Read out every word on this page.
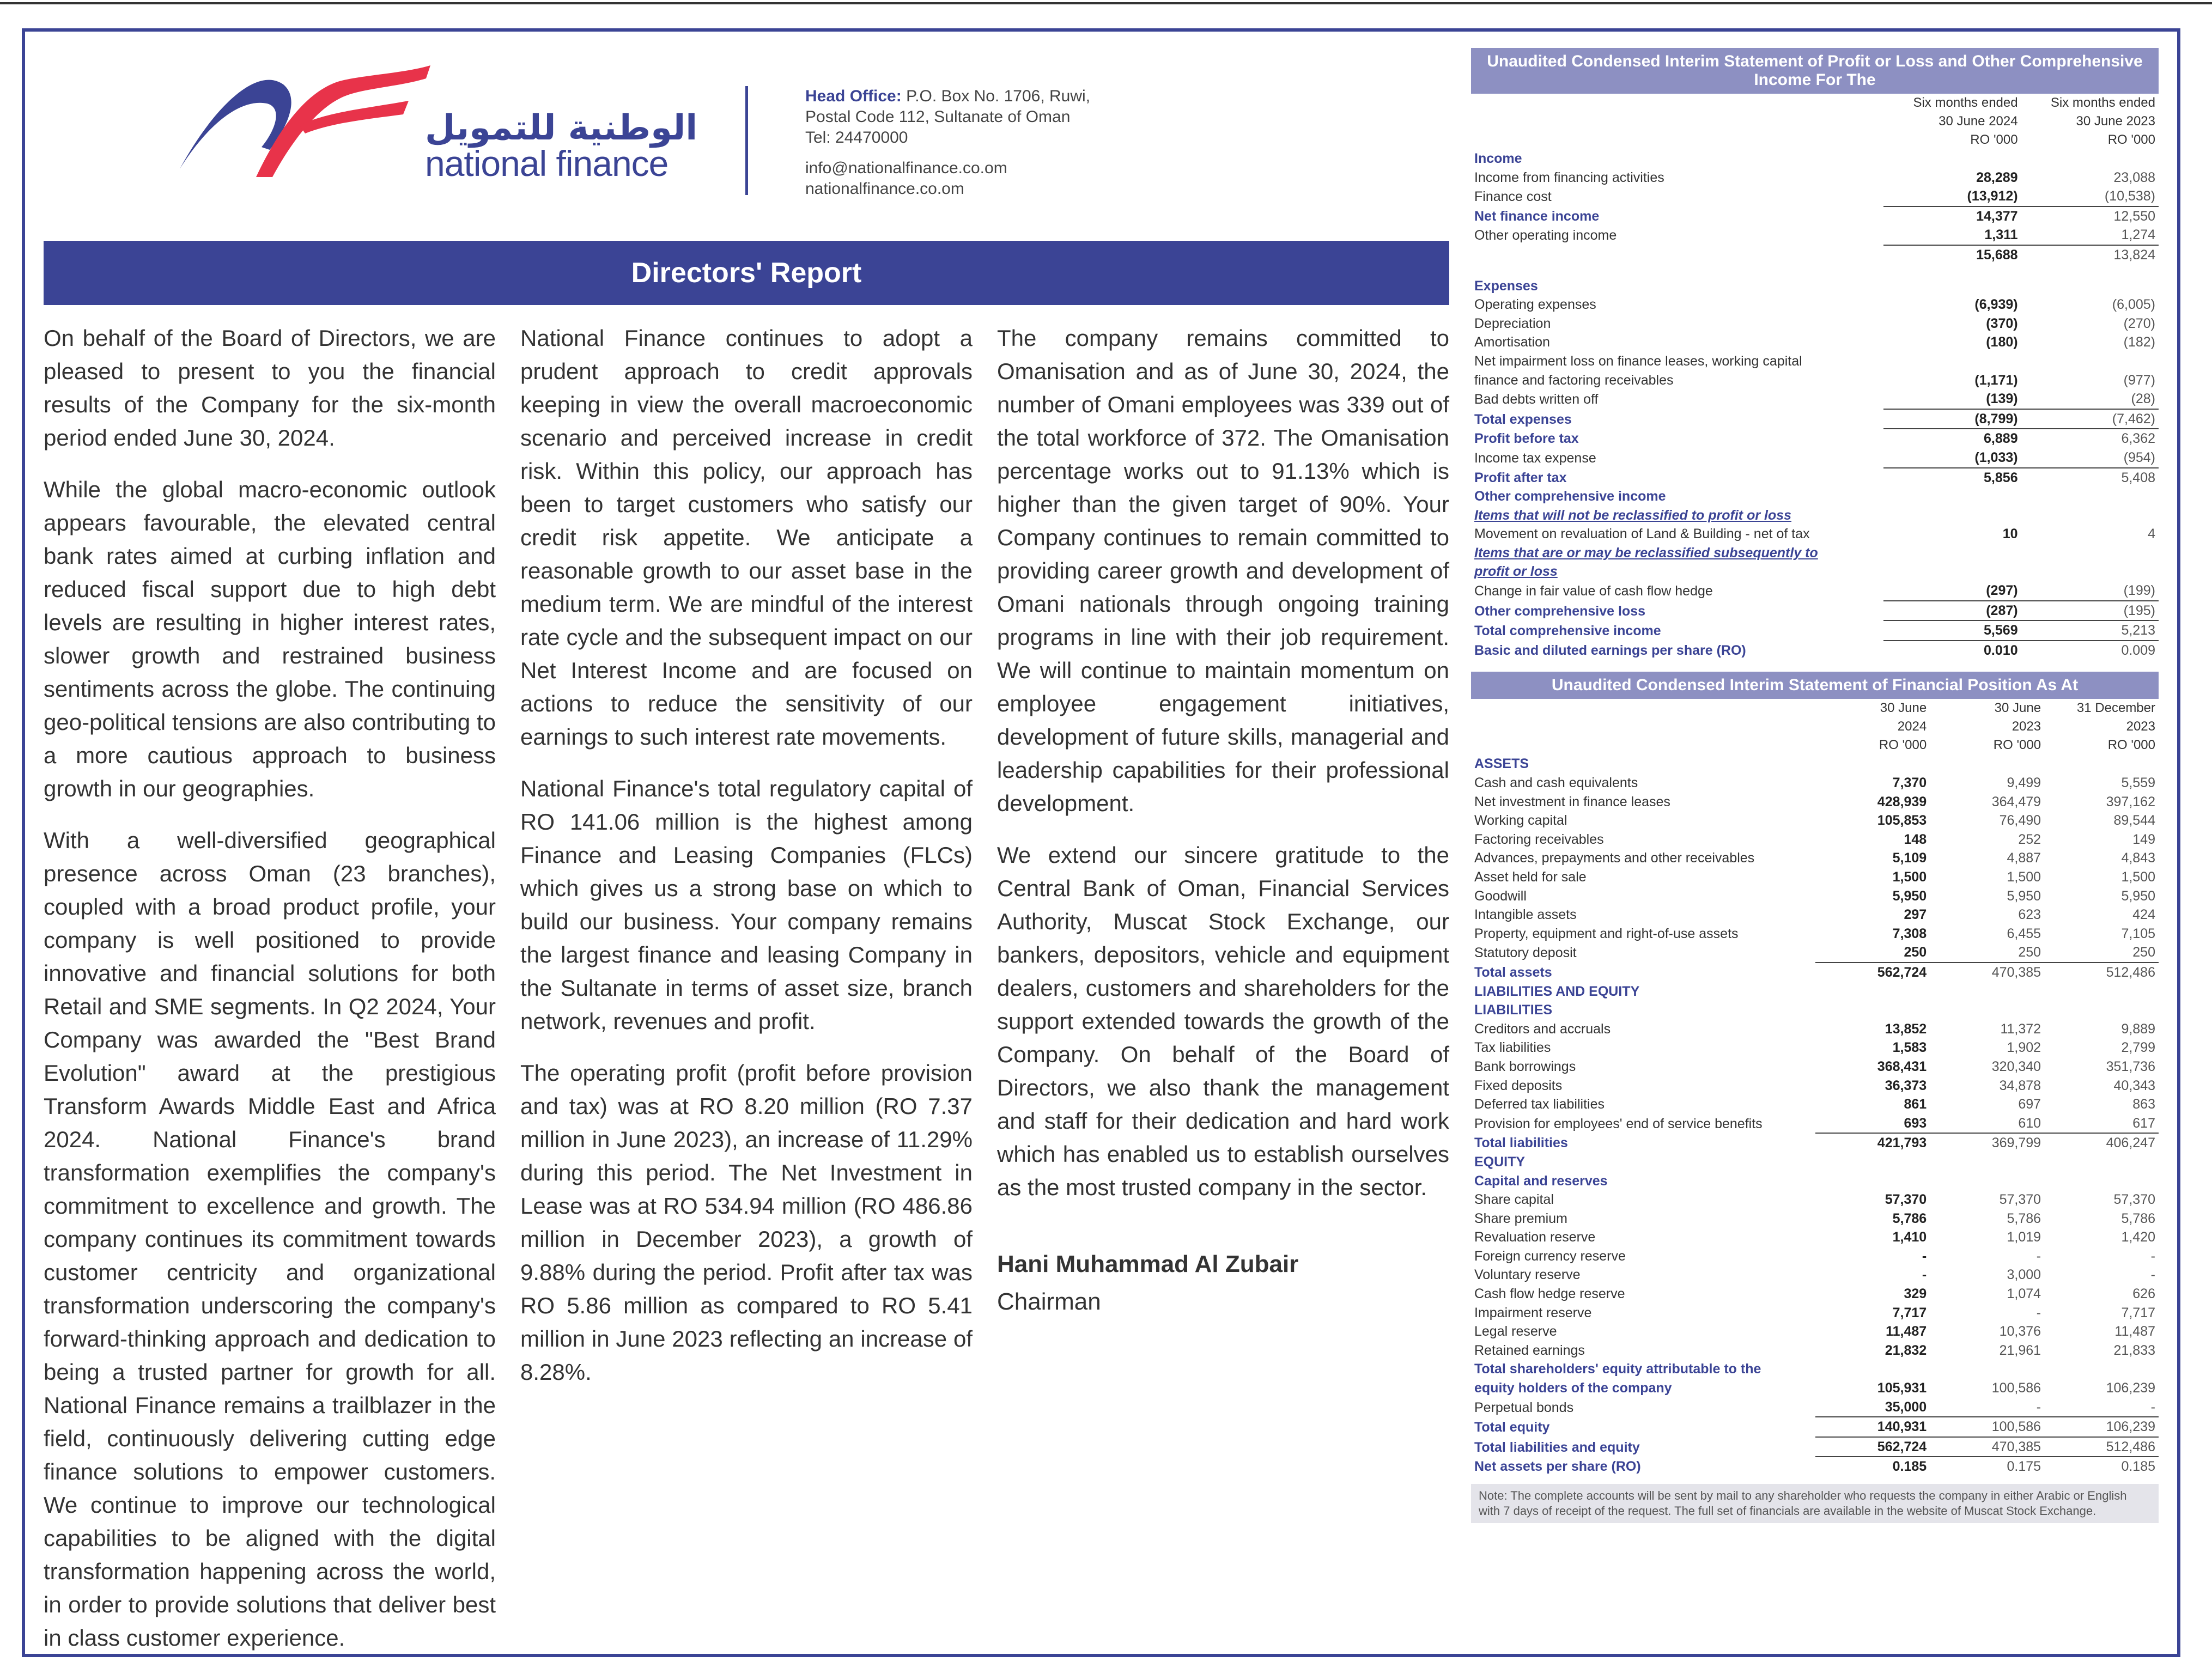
الوطنية للتمويل
national finance
Head Office: P.O. Box No. 1706, Ruwi,
Postal Code 112, Sultanate of Oman
Tel: 24470000
info@nationalfinance.co.om
nationalfinance.co.om
Directors' Report

On behalf of the Board of Directors, we are pleased to present to you the financial results of the Company for the six-month period ended June 30, 2024.

While the global macro-economic outlook appears favourable, the elevated central bank rates aimed at curbing inflation and reduced fiscal support due to high debt levels are resulting in higher interest rates, slower growth and restrained business sentiments across the globe. The continuing geo-political tensions are also contributing to a more cautious approach to business growth in our geographies.

With a well-diversified geographical presence across Oman (23 branches), coupled with a broad product profile, your company is well positioned to provide innovative and financial solutions for both Retail and SME segments. In Q2 2024, Your Company was awarded the "Best Brand Evolution" award at the prestigious Transform Awards Middle East and Africa 2024. National Finance's brand transformation exemplifies the company's commitment to excellence and growth. The company continues its commitment towards customer centricity and organizational transformation underscoring the company's forward-thinking approach and dedication to being a trusted partner for growth for all. National Finance remains a trailblazer in the field, continuously delivering cutting edge finance solutions to empower customers. We continue to improve our technological capabilities to be aligned with the digital transformation happening across the world, in order to provide solutions that deliver best in class customer experience.

National Finance continues to adopt a prudent approach to credit approvals keeping in view the overall macroeconomic scenario and perceived increase in credit risk. Within this policy, our approach has been to target customers who satisfy our credit risk appetite. We anticipate a reasonable growth to our asset base in the medium term. We are mindful of the interest rate cycle and the subsequent impact on our Net Interest Income and are focused on actions to reduce the sensitivity of our earnings to such interest rate movements.

National Finance's total regulatory capital of RO 141.06 million is the highest among Finance and Leasing Companies (FLCs) which gives us a strong base on which to build our business. Your company remains the largest finance and leasing Company in the Sultanate in terms of asset size, branch network, revenues and profit.

The operating profit (profit before provision and tax) was at RO 8.20 million (RO 7.37 million in June 2023), an increase of 11.29% during this period. The Net Investment in Lease was at RO 534.94 million (RO 486.86 million in December 2023), a growth of 9.88% during the period. Profit after tax was RO 5.86 million as compared to RO 5.41 million in June 2023 reflecting an increase of 8.28%.

The company remains committed to Omanisation and as of June 30, 2024, the number of Omani employees was 339 out of the total workforce of 372. The Omanisation percentage works out to 91.13% which is higher than the given target of 90%. Your Company continues to remain committed to providing career growth and development of Omani nationals through ongoing training programs in line with their job requirement. We will continue to maintain momentum on employee engagement initiatives, development of future skills, managerial and leadership capabilities for their professional development.

We extend our sincere gratitude to the Central Bank of Oman, Financial Services Authority, Muscat Stock Exchange, our bankers, depositors, vehicle and equipment dealers, customers and shareholders for the support extended towards the growth of the Company. On behalf of the Board of Directors, we also thank the management and staff for their dedication and hard work which has enabled us to establish ourselves as the most trusted company in the sector.

Hani Muhammad Al Zubair
Chairman
Unaudited Condensed Interim Statement of Profit or Loss and Other Comprehensive Income For The
	Six months ended	Six months ended
	30 June 2024	30 June 2023
	RO '000	RO '000
Income		
Income from financing activities	28,289	23,088
Finance cost	(13,912)	(10,538)
Net finance income	14,377	12,550
Other operating income	1,311	1,274
	15,688	13,824

Expenses		
Operating expenses	(6,939)	(6,005)
Depreciation	(370)	(270)
Amortisation	(180)	(182)
Net impairment loss on finance leases, working capital		
finance and factoring receivables	(1,171)	(977)
Bad debts written off	(139)	(28)
Total expenses	(8,799)	(7,462)
Profit before tax	6,889	6,362
Income tax expense	(1,033)	(954)
Profit after tax	5,856	5,408
Other comprehensive income		
Items that will not be reclassified to profit or loss		
Movement on revaluation of Land & Building - net of tax	10	4
Items that are or may be reclassified subsequently to		
profit or loss		
Change in fair value of cash flow hedge	(297)	(199)
Other comprehensive loss	(287)	(195)
Total comprehensive income	5,569	5,213
Basic and diluted earnings per share (RO)	0.010	0.009
Unaudited Condensed Interim Statement of Financial Position As At
	30 June	30 June	31 December
	2024	2023	2023
	RO '000	RO '000	RO '000
ASSETS			
Cash and cash equivalents	7,370	9,499	5,559
Net investment in finance leases	428,939	364,479	397,162
Working capital	105,853	76,490	89,544
Factoring receivables	148	252	149
Advances, prepayments and other receivables	5,109	4,887	4,843
Asset held for sale	1,500	1,500	1,500
Goodwill	5,950	5,950	5,950
Intangible assets	297	623	424
Property, equipment and right-of-use assets	7,308	6,455	7,105
Statutory deposit	250	250	250
Total assets	562,724	470,385	512,486
LIABILITIES AND EQUITY			
LIABILITIES			
Creditors and accruals	13,852	11,372	9,889
Tax liabilities	1,583	1,902	2,799
Bank borrowings	368,431	320,340	351,736
Fixed deposits	36,373	34,878	40,343
Deferred tax liabilities	861	697	863
Provision for employees' end of service benefits	693	610	617
Total liabilities	421,793	369,799	406,247
EQUITY			
Capital and reserves			
Share capital	57,370	57,370	57,370
Share premium	5,786	5,786	5,786
Revaluation reserve	1,410	1,019	1,420
Foreign currency reserve	-	-	-
Voluntary reserve	-	3,000	-
Cash flow hedge reserve	329	1,074	626
Impairment reserve	7,717	-	7,717
Legal reserve	11,487	10,376	11,487
Retained earnings	21,832	21,961	21,833
Total shareholders' equity attributable to the			
equity holders of the company	105,931	100,586	106,239
Perpetual bonds	35,000	-	-
Total equity	140,931	100,586	106,239
Total liabilities and equity	562,724	470,385	512,486
Net assets per share (RO)	0.185	0.175	0.185
Note: The complete accounts will be sent by mail to any shareholder who requests the company in either Arabic or English with 7 days of receipt of the request. The full set of financials are available in the website of Muscat Stock Exchange.
